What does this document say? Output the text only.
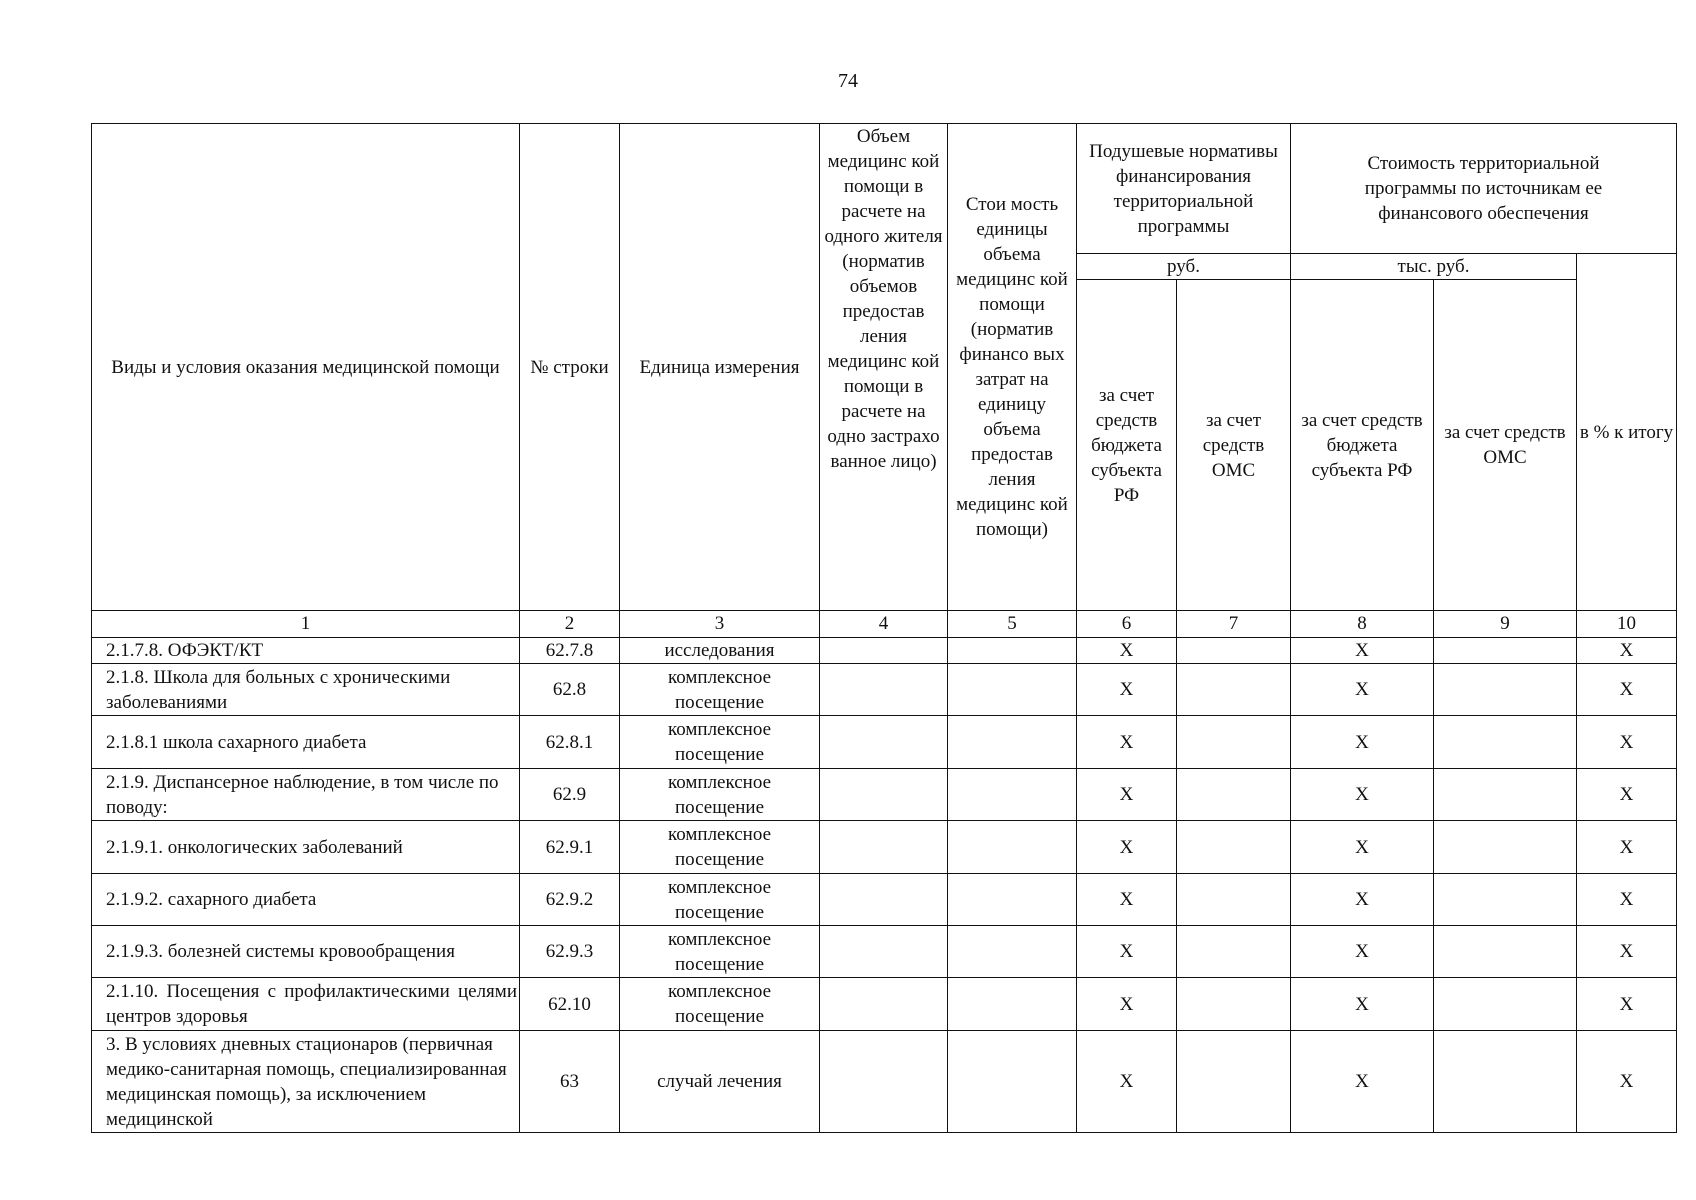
74
Виды и условия оказания медицинской помощи	№ строки	Единица измерения	Объем медицинс кой помощи в расчете на одного жителя (норматив объемов предостав ления медицинс кой помощи в расчете на одно застрахо ванное лицо)	Стои мость единицы объема медицинс кой помощи (норматив финансо вых затрат на единицу объема предостав ления медицинс кой помощи)	Подушевые нормативы финансирования территориальной программы		Стоимость территориальной программы по источникам ее финансового обеспечения		
					руб.		тыс. руб.		в % к итогу
					за счет средств бюджета субъекта РФ	за счет средств ОМС	за счет средств бюджета субъекта РФ	за счет средств ОМС	
1	2	3	4	5	6	7	8	9	10
2.1.7.8. ОФЭКТ/КТ	62.7.8	исследования			X		X		X
2.1.8. Школа для больных с хроническими заболеваниями	62.8	комплексное посещение			X		X		X
2.1.8.1 школа сахарного диабета	62.8.1	комплексное посещение			X		X		X
2.1.9. Диспансерное наблюдение, в том числе по поводу:	62.9	комплексное посещение			X		X		X
2.1.9.1. онкологических заболеваний	62.9.1	комплексное посещение			X		X		X
2.1.9.2. сахарного диабета	62.9.2	комплексное посещение			X		X		X
2.1.9.3. болезней системы кровообращения	62.9.3	комплексное посещение			X		X		X
2.1.10. Посещения с профилактическими целями центров здоровья	62.10	комплексное посещение			X		X		X
3. В условиях дневных стационаров (первичная медико-санитарная помощь, специализированная медицинская помощь), за исключением медицинской	63	случай лечения			X		X		X
